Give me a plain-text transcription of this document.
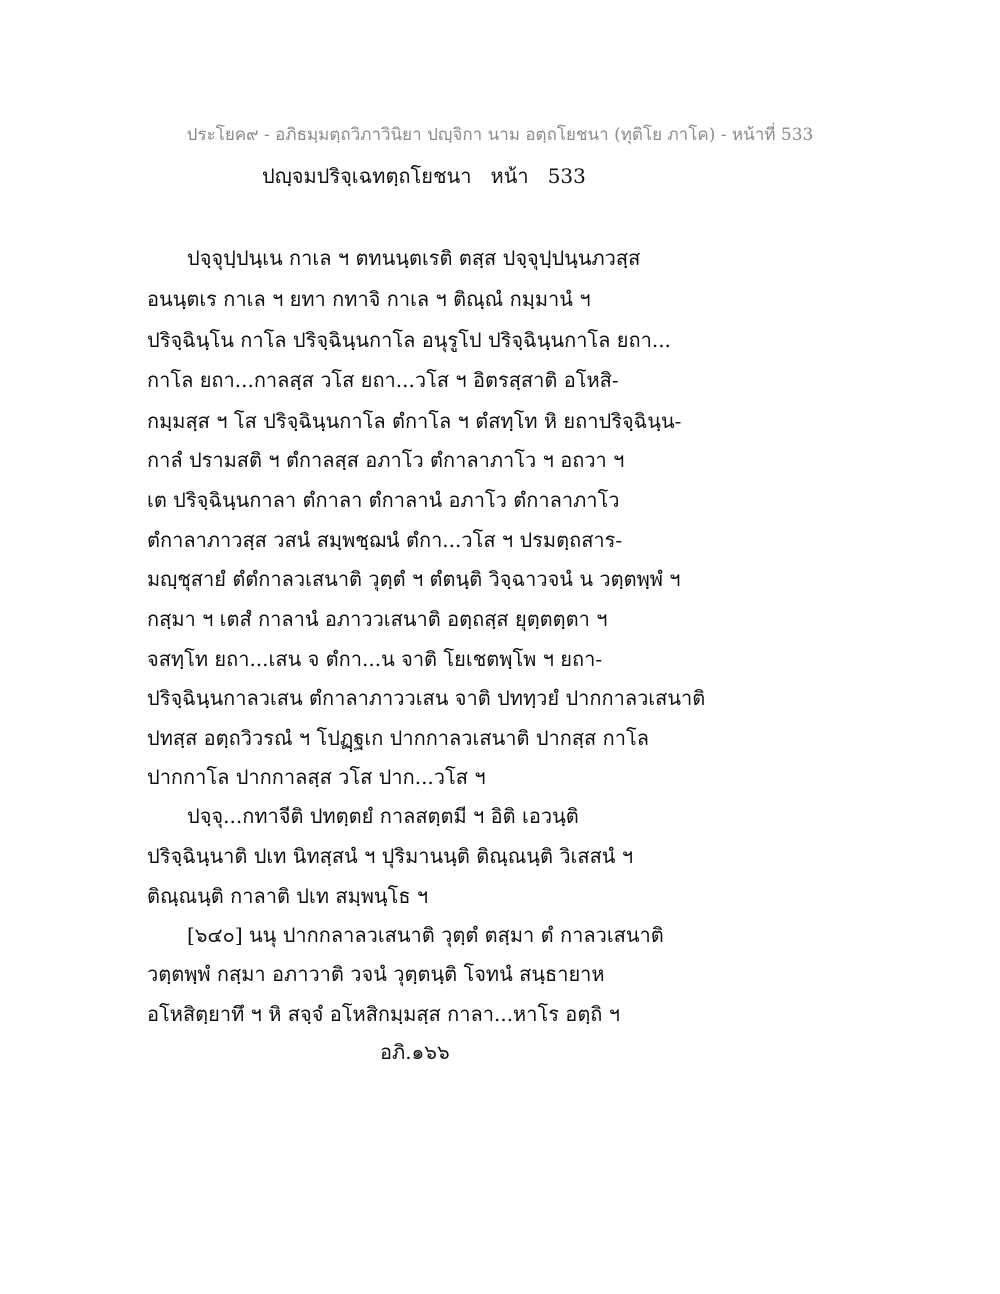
ประโยค๙ - อภิธมฺมตฺถวิภาวินิยา ปญฺจิกา นาม อตฺถโยชนา (ทุติโย ภาโค) - หน้าที่ 533
ปญฺจมปริจฺเฉทตฺถโยชนา   หน้า   533
ปจฺจุปฺปนฺเน กาเล ฯ ตทนนฺตเรติ ตสฺส ปจฺจุปฺปนฺนภวสฺส
อนนฺตเร กาเล ฯ ยทา กทาจิ กาเล ฯ ติณฺณํ กมฺมานํ ฯ
ปริจฺฉินฺโน กาโล ปริจฺฉินฺนกาโล อนุรูโป ปริจฺฉินฺนกาโล ยถา...
กาโล ยถา...กาลสฺส วโส ยถา...วโส ฯ อิตรสฺสาติ อโหสิ-
กมฺมสฺส ฯ โส ปริจฺฉินฺนกาโล ตํกาโล ฯ ตํสทฺโท หิ ยถาปริจฺฉินฺน-
กาลํ ปรามสติ ฯ ตํกาลสฺส อภาโว ตํกาลาภาโว ฯ อถวา ฯ
เต ปริจฺฉินฺนกาลา ตํกาลา ตํกาลานํ อภาโว ตํกาลาภาโว
ตํกาลาภาวสฺส วสนํ สมฺพชฺฌนํ ตํกา...วโส ฯ ปรมตฺถสาร-
มญฺชุสายํ ตํตํกาลวเสนาติ วุตฺตํ ฯ ตํตนฺติ วิจฺฉาวจนํ น วตฺตพฺพํ ฯ
กสฺมา ฯ เตสํ กาลานํ อภาววเสนาติ อตฺถสฺส ยุตฺตตฺตา ฯ
จสทฺโท ยถา...เสน จ ตํกา...น จาติ โยเชตพฺโพ ฯ ยถา-
ปริจฺฉินฺนกาลวเสน ตํกาลาภาววเสน จาติ ปททฺวยํ ปากกาลวเสนาติ
ปทสฺส อตฺถวิวรณํ ฯ โปฏฺฐเก ปากกาลวเสนาติ ปากสฺส กาโล
ปากกาโล ปากกาลสฺส วโส ปาก...วโส ฯ
ปจฺจุ...กทาจีติ ปทตฺตยํ กาลสตฺตมี ฯ อิติ เอวนฺติ
ปริจฺฉินฺนาติ ปเท นิทสฺสนํ ฯ ปุริมานนฺติ ติณฺณนฺติ วิเสสนํ ฯ
ติณฺณนฺติ กาลาติ ปเท สมฺพนฺโธ ฯ
[๖๔๐] นนุ ปากกลาลวเสนาติ วุตฺตํ ตสฺมา ตํ กาลวเสนาติ
วตฺตพฺพํ กสฺมา อภาวาติ วจนํ วุตฺตนฺติ โจทนํ สนฺธายาห
อโหสิตฺยาทึ ฯ หิ สจฺจํ อโหสิกมฺมสฺส กาลา...หาโร อตฺถิ ฯ
อภิ.๑๖๖
